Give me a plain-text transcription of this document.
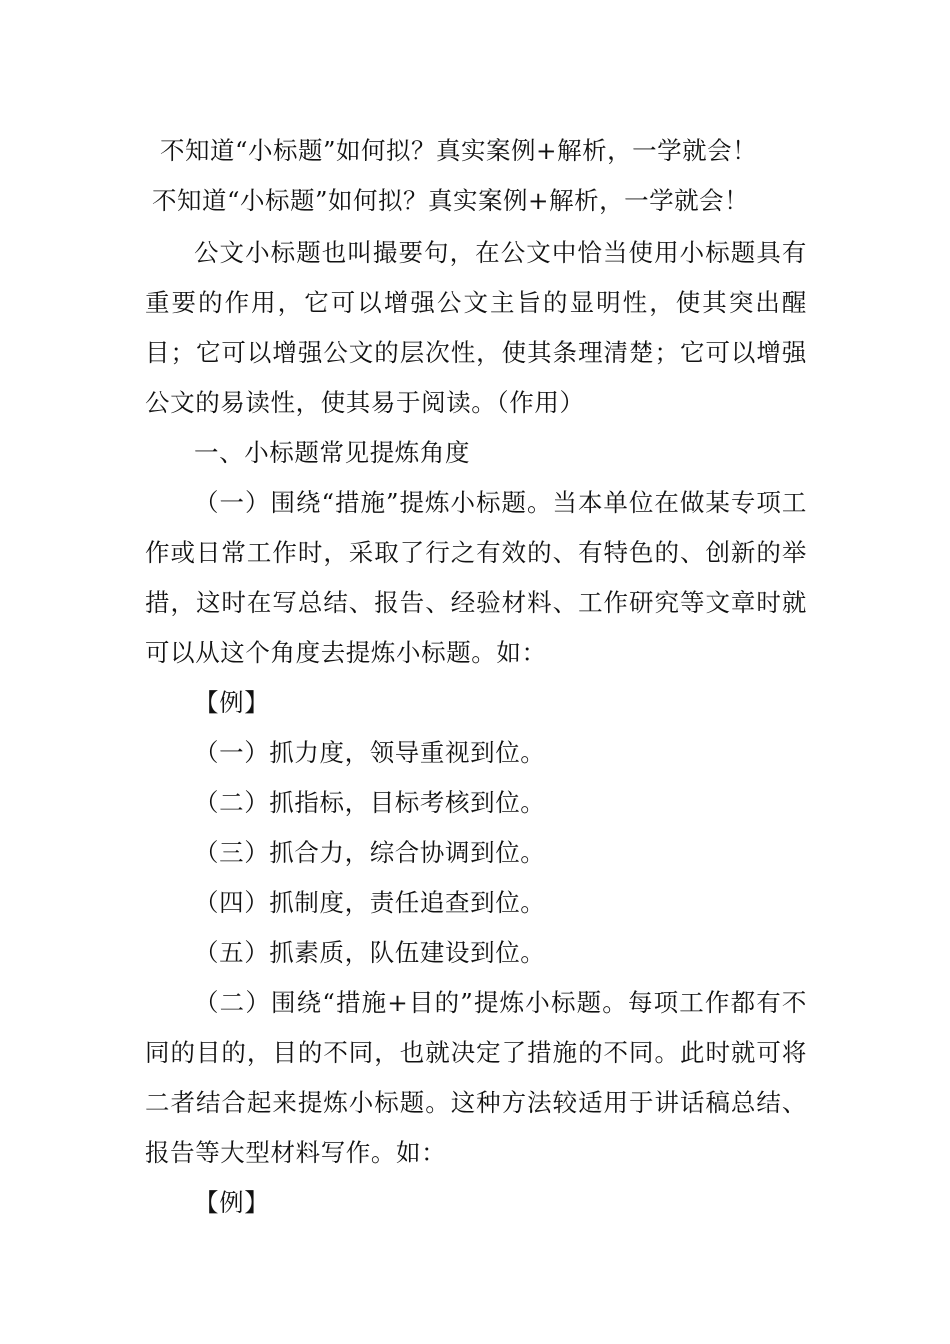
不知道“小标题”如何拟？真实案例+解析，一学就会！
不知道“小标题”如何拟？真实案例+解析，一学就会！

公文小标题也叫撮要句，在公文中恰当使用小标题具有重要的作用，它可以增强公文主旨的显明性，使其突出醒目；它可以增强公文的层次性，使其条理清楚；它可以增强公文的易读性，使其易于阅读。（作用）

一、小标题常见提炼角度

（一）围绕“措施”提炼小标题。当本单位在做某专项工作或日常工作时，采取了行之有效的、有特色的、创新的举措，这时在写总结、报告、经验材料、工作研究等文章时就可以从这个角度去提炼小标题。如：

【例】

（一）抓力度，领导重视到位。

（二）抓指标，目标考核到位。

（三）抓合力，综合协调到位。

（四）抓制度，责任追查到位。

（五）抓素质，队伍建设到位。

（二）围绕“措施+目的”提炼小标题。每项工作都有不同的目的，目的不同，也就决定了措施的不同。此时就可将二者结合起来提炼小标题。这种方法较适用于讲话稿总结、报告等大型材料写作。如：

【例】
